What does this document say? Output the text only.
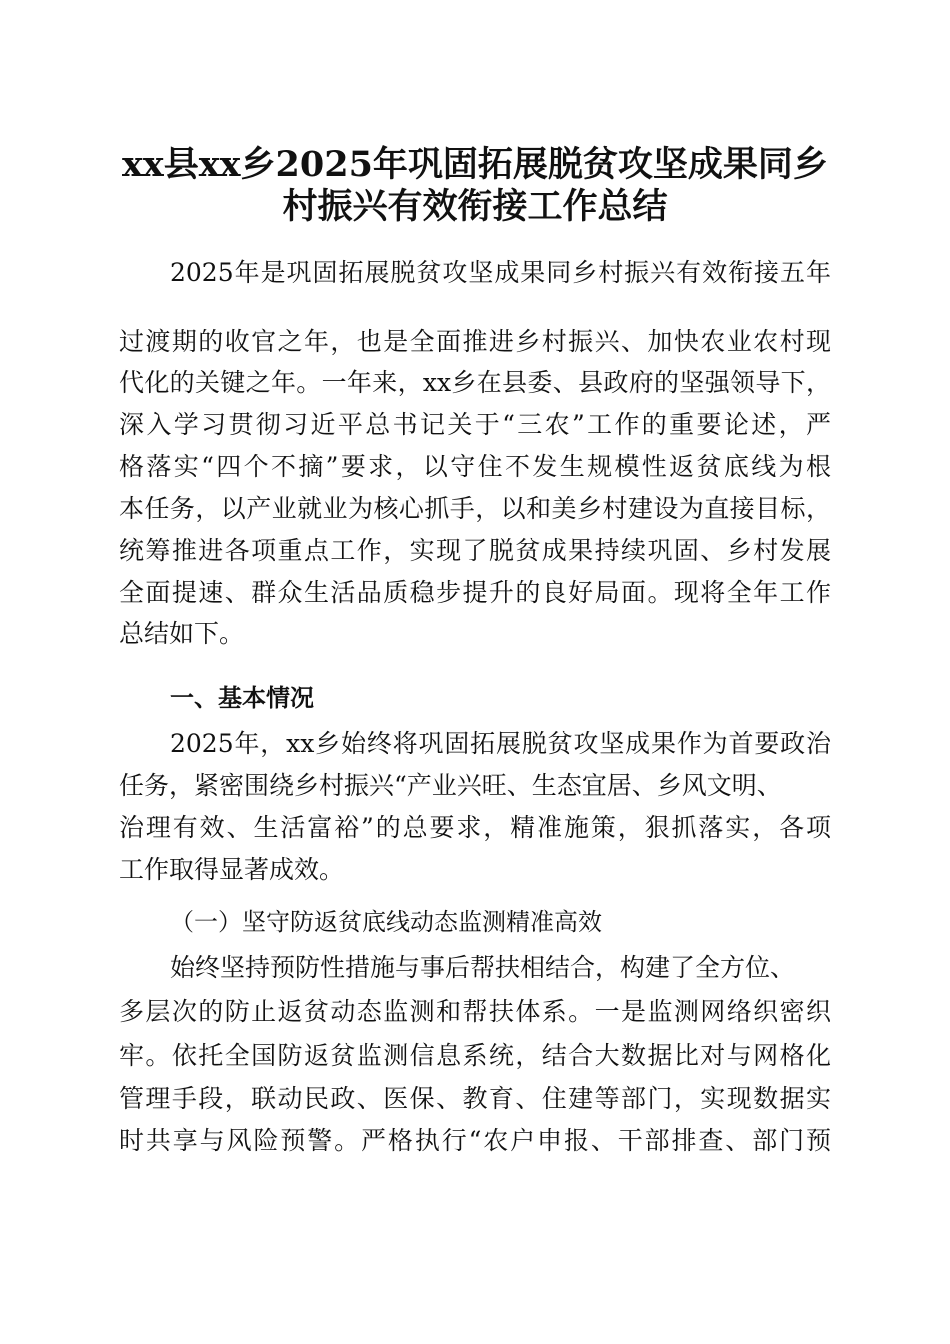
xx县xx乡2025年巩固拓展脱贫攻坚成果同乡
村振兴有效衔接工作总结
2025年是巩固拓展脱贫攻坚成果同乡村振兴有效衔接五年
过渡期的收官之年，也是全面推进乡村振兴、加快农业农村现
代化的关键之年。一年来，xx乡在县委、县政府的坚强领导下，
深入学习贯彻习近平总书记关于“三农”工作的重要论述，严
格落实“四个不摘”要求，以守住不发生规模性返贫底线为根
本任务，以产业就业为核心抓手，以和美乡村建设为直接目标，
统筹推进各项重点工作，实现了脱贫成果持续巩固、乡村发展
全面提速、群众生活品质稳步提升的良好局面。现将全年工作
总结如下。
一、基本情况
2025年，xx乡始终将巩固拓展脱贫攻坚成果作为首要政治
任务，紧密围绕乡村振兴“产业兴旺、生态宜居、乡风文明、
治理有效、生活富裕”的总要求，精准施策，狠抓落实，各项
工作取得显著成效。
（一）坚守防返贫底线动态监测精准高效
始终坚持预防性措施与事后帮扶相结合，构建了全方位、
多层次的防止返贫动态监测和帮扶体系。一是监测网络织密织
牢。依托全国防返贫监测信息系统，结合大数据比对与网格化
管理手段，联动民政、医保、教育、住建等部门，实现数据实
时共享与风险预警。严格执行“农户申报、干部排查、部门预
